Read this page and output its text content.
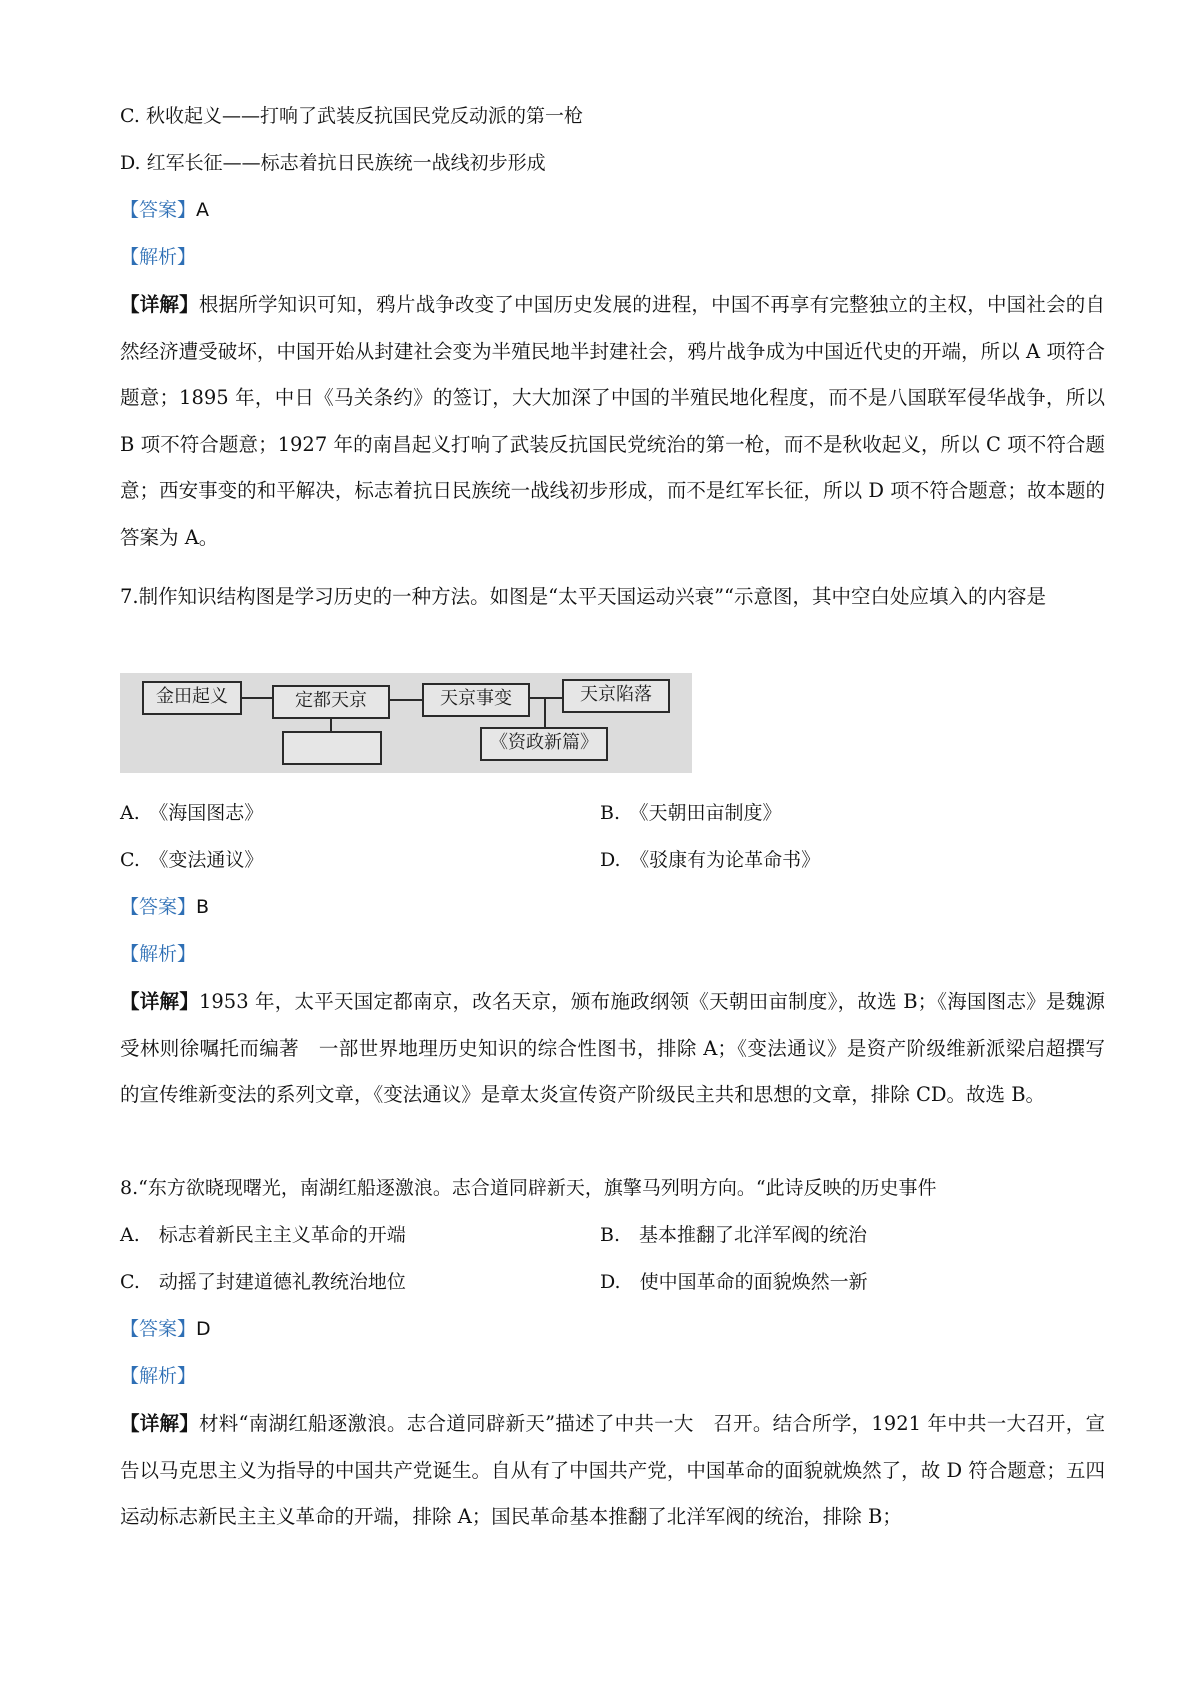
C. 秋收起义——打响了武装反抗国民党反动派的第一枪
D. 红军长征——标志着抗日民族统一战线初步形成
【答案】A
【解析】
【详解】根据所学知识可知，鸦片战争改变了中国历史发展的进程，中国不再享有完整独立的主权，中国社会的自然经济遭受破坏，中国开始从封建社会变为半殖民地半封建社会，鸦片战争成为中国近代史的开端，所以 A 项符合题意；1895 年，中日《马关条约》的签订，大大加深了中国的半殖民地化程度，而不是八国联军侵华战争，所以 B 项不符合题意；1927 年的南昌起义打响了武装反抗国民党统治的第一枪，而不是秋收起义，所以 C 项不符合题意；西安事变的和平解决，标志着抗日民族统一战线初步形成，而不是红军长征，所以 D 项不符合题意；故本题的答案为 A。
7.制作知识结构图是学习历史的一种方法。如图是“太平天国运动兴衰”“示意图，其中空白处应填入的内容是
金田起义	定都天京	天京事变	天京陷落
《资政新篇》
A.　《海国图志》	B.　《天朝田亩制度》
C.　《变法通议》	D.　《驳康有为论革命书》
【答案】B
【解析】
【详解】1953 年，太平天国定都南京，改名天京，颁布施政纲领《天朝田亩制度》，故选 B；《海国图志》是魏源受林则徐嘱托而编著　一部世界地理历史知识的综合性图书，排除 A；《变法通议》是资产阶级维新派梁启超撰写的宣传维新变法的系列文章，《变法通议》是章太炎宣传资产阶级民主共和思想的文章，排除 CD。故选 B。
8.“东方欲晓现曙光，南湖红船逐激浪。志合道同辟新天，旗擎马列明方向。“此诗反映的历史事件
A.　标志着新民主主义革命的开端	B.　基本推翻了北洋军阀的统治
C.　动摇了封建道德礼教统治地位	D.　使中国革命的面貌焕然一新
【答案】D
【解析】
【详解】材料“南湖红船逐激浪。志合道同辟新天”描述了中共一大　召开。结合所学，1921 年中共一大召开，宣告以马克思主义为指导的中国共产党诞生。自从有了中国共产党，中国革命的面貌就焕然了，故 D 符合题意；五四运动标志新民主主义革命的开端，排除 A；国民革命基本推翻了北洋军阀的统治，排除 B；
